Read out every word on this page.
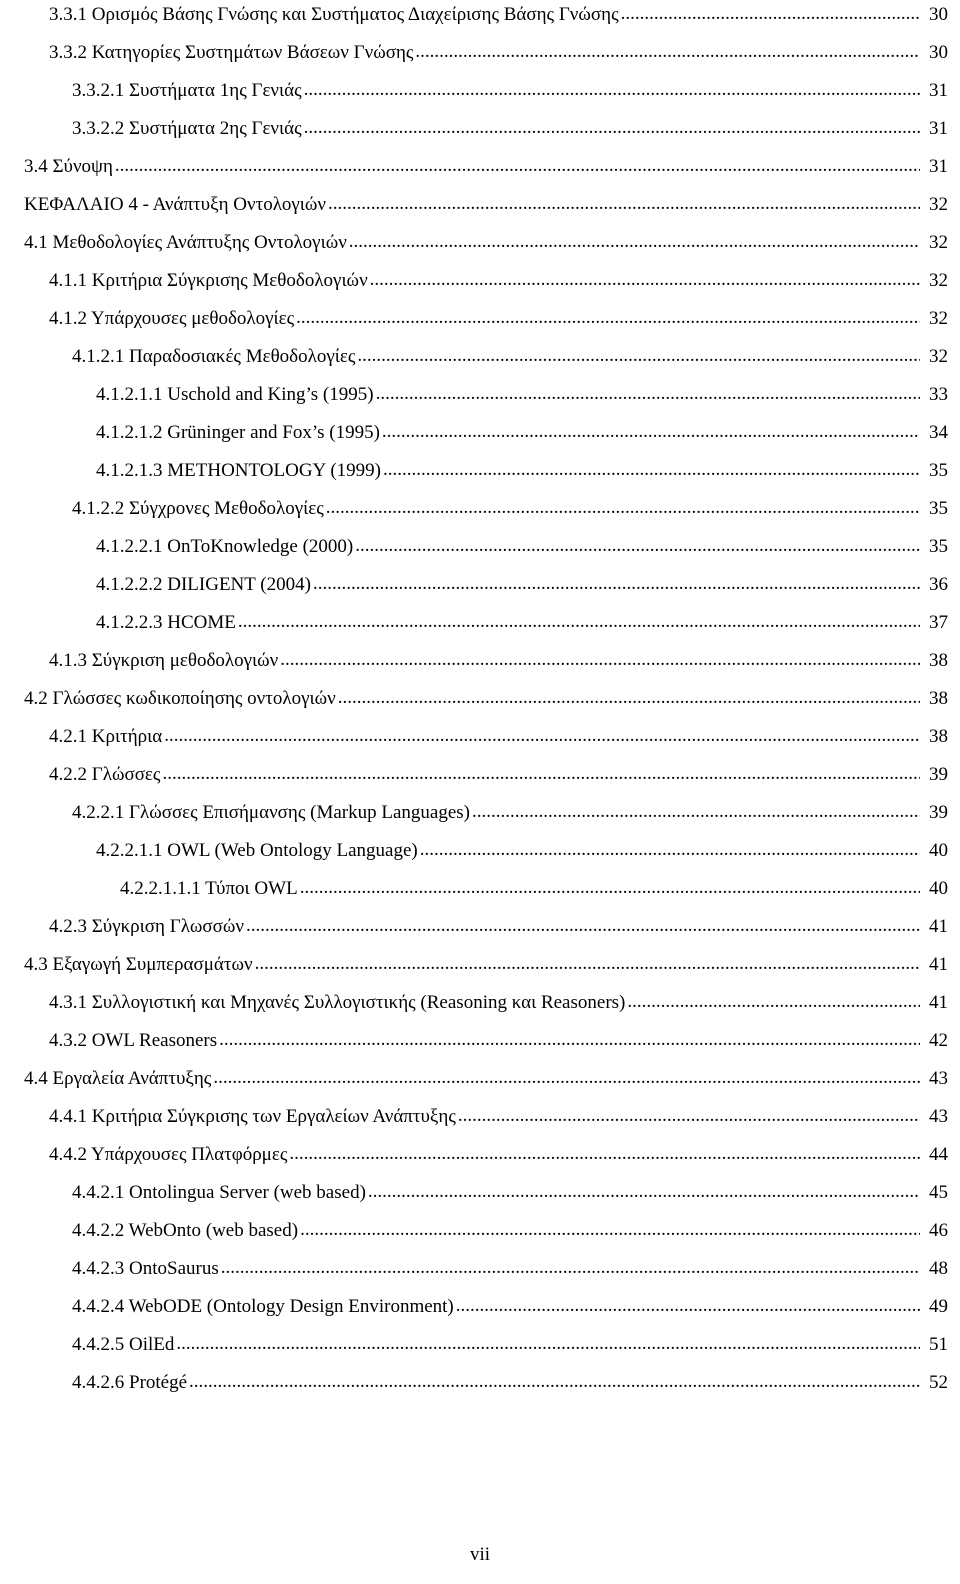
3.3.1 Ορισμός Βάσης Γνώσης και Συστήματος Διαχείρισης Βάσης Γνώσης .....	30
3.3.2 Κατηγορίες Συστημάτων Βάσεων Γνώσης .....	30
3.3.2.1 Συστήματα 1ης Γενιάς .....	31
3.3.2.2 Συστήματα 2ης Γενιάς .....	31
3.4 Σύνοψη .....	31
ΚΕΦΑΛΑΙΟ 4 - Ανάπτυξη Οντολογιών .....	32
4.1 Μεθοδολογίες Ανάπτυξης Οντολογιών .....	32
4.1.1 Κριτήρια Σύγκρισης Μεθοδολογιών .....	32
4.1.2 Υπάρχουσες μεθοδολογίες .....	32
4.1.2.1 Παραδοσιακές Μεθοδολογίες .....	32
4.1.2.1.1 Uschold and King’s (1995) .....	33
4.1.2.1.2 Grüninger and Fox’s (1995) .....	34
4.1.2.1.3 METHONTOLOGY (1999) .....	35
4.1.2.2 Σύγχρονες Μεθοδολογίες .....	35
4.1.2.2.1 OnToKnowledge (2000) .....	35
4.1.2.2.2 DILIGENT (2004) .....	36
4.1.2.2.3 HCOME .....	37
4.1.3 Σύγκριση μεθοδολογιών .....	38
4.2 Γλώσσες κωδικοποίησης οντολογιών .....	38
4.2.1 Κριτήρια .....	38
4.2.2 Γλώσσες .....	39
4.2.2.1 Γλώσσες Επισήμανσης (Markup Languages) .....	39
4.2.2.1.1 OWL (Web Ontology Language) .....	40
4.2.2.1.1.1 Τύποι OWL .....	40
4.2.3 Σύγκριση Γλωσσών .....	41
4.3 Εξαγωγή Συμπερασμάτων .....	41
4.3.1 Συλλογιστική και Μηχανές Συλλογιστικής (Reasoning και Reasoners) .....	41
4.3.2 OWL Reasoners .....	42
4.4 Εργαλεία Ανάπτυξης .....	43
4.4.1 Κριτήρια Σύγκρισης των Εργαλείων Ανάπτυξης .....	43
4.4.2 Υπάρχουσες Πλατφόρμες .....	44
4.4.2.1 Ontolingua Server (web based) .....	45
4.4.2.2 WebOnto (web based) .....	46
4.4.2.3 OntoSaurus .....	48
4.4.2.4 WebODE (Ontology Design Environment) .....	49
4.4.2.5 OilEd .....	51
4.4.2.6 Protégé .....	52
vii
